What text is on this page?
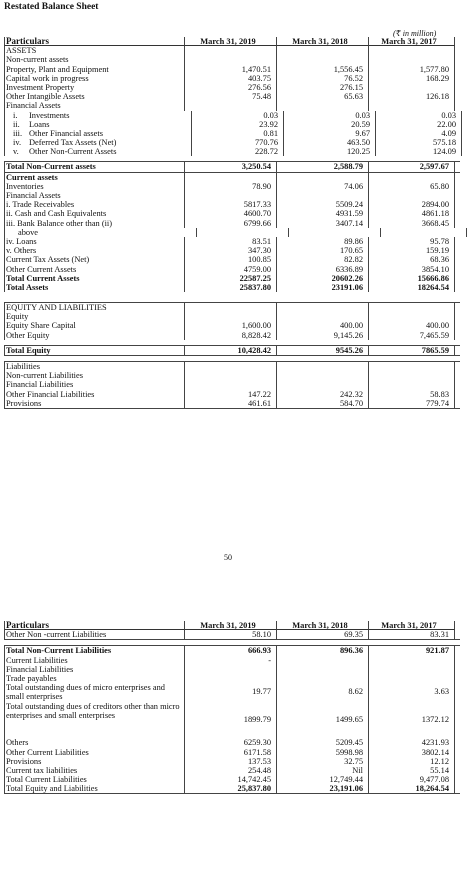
Restated Balance Sheet
(₹ in million)
Particulars	March 31, 2019	March 31, 2018	March 31, 2017
ASSETS
Non-current assets
Property, Plant and Equipment	1,470.51	1,556.45	1,577.80
Capital work in progress	403.75	76.52	168.29
Investment Property	276.56	276.15
Other Intangible Assets	75.48	65.63	126.18
Financial Assets
i. Investments	0.03	0.03	0.03
ii. Loans	23.92	20.59	22.00
iii. Other Financial assets	0.81	9.67	4.09
iv. Deferred Tax Assets (Net)	770.76	463.50	575.18
v. Other Non-Current Assets	228.72	120.25	124.09
Total Non-Current assets	3,250.54	2,588.79	2,597.67
Current assets
Inventories	78.90	74.06	65.80
Financial Assets
i. Trade Receivables	5817.33	5509.24	2894.00
ii. Cash and Cash Equivalents	4600.70	4931.59	4861.18
iii. Bank Balance other than (ii)	6799.66	3407.14	3668.45
above
iv. Loans	83.51	89.86	95.78
v. Others	347.30	170.65	159.19
Current Tax Assets (Net)	100.85	82.82	68.36
Other Current Assets	4759.00	6336.89	3854.10
Total Current Assets	22587.25	20602.26	15666.86
Total Assets	25837.80	23191.06	18264.54
EQUITY AND LIABILITIES
Equity
Equity Share Capital	1,600.00	400.00	400.00
Other Equity	8,828.42	9,145.26	7,465.59
Total Equity	10,428.42	9545.26	7865.59
Liabilities
Non-current Liabilities
Financial Liabilities
Other Financial Liabilities	147.22	242.32	58.83
Provisions	461.61	584.70	779.74
50
Particulars	March 31, 2019	March 31, 2018	March 31, 2017
Other Non -current Liabilities	58.10	69.35	83.31
Total Non-Current Liabilities	666.93	896.36	921.87
Current Liabilities	-
Financial Liabilities
Trade payables
Total outstanding dues of micro enterprises and small enterprises
19.77	8.62	3.63
Total outstanding dues of creditors other than micro enterprises and small enterprises	1899.79	1499.65	1372.12
Others	6259.30	5209.45	4231.93
Other Current Liabilities	6171.58	5998.98	3802.14
Provisions	137.53	32.75	12.12
Current tax liabilities	254.48	Nil	55.14
Total Current Liabilities	14,742.45	12,749.44	9,477.08
Total Equity and Liabilities	25,837.80	23,191.06	18,264.54
